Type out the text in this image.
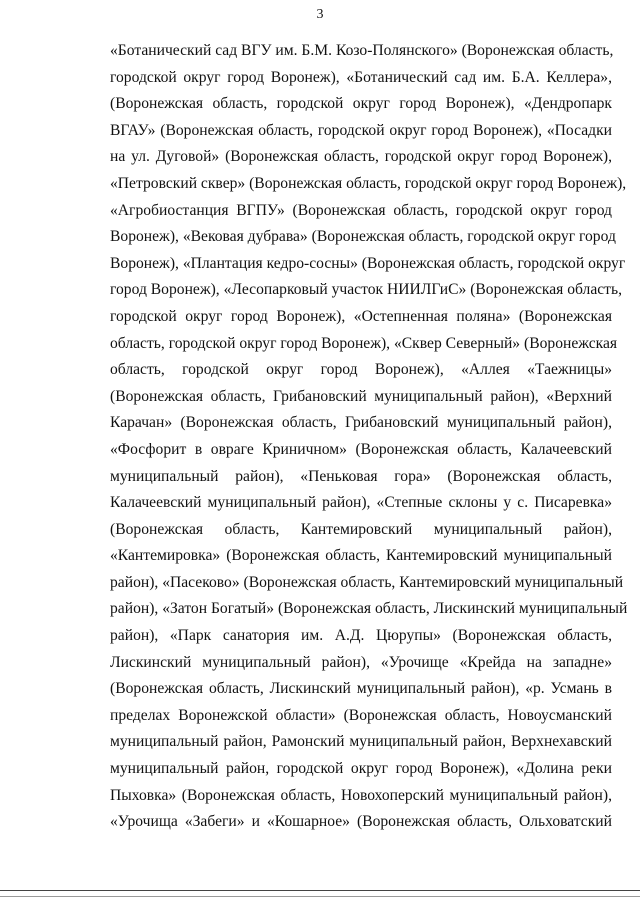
3
«Ботанический сад ВГУ им. Б.М. Козо-Полянского» (Воронежская область,
городской округ город Воронеж), «Ботанический сад им. Б.А. Келлера»,
(Воронежская область, городской округ город Воронеж), «Дендропарк
ВГАУ» (Воронежская область, городской округ город Воронеж), «Посадки
на ул. Дуговой» (Воронежская область, городской округ город Воронеж),
«Петровский сквер» (Воронежская область, городской округ город Воронеж),
«Агробиостанция ВГПУ» (Воронежская область, городской округ город
Воронеж), «Вековая дубрава» (Воронежская область, городской округ город
Воронеж), «Плантация кедро-сосны» (Воронежская область, городской округ
город Воронеж), «Лесопарковый участок НИИЛГиС» (Воронежская область,
городской округ город Воронеж), «Остепненная поляна» (Воронежская
область, городской округ город Воронеж), «Сквер Северный» (Воронежская
область, городской округ город Воронеж), «Аллея «Таежницы»
(Воронежская область, Грибановский муниципальный район), «Верхний
Карачан» (Воронежская область, Грибановский муниципальный район),
«Фосфорит в овраге Криничном» (Воронежская область, Калачеевский
муниципальный район), «Пеньковая гора» (Воронежская область,
Калачеевский муниципальный район), «Степные склоны у с. Писаревка»
(Воронежская область, Кантемировский муниципальный район),
«Кантемировка» (Воронежская область, Кантемировский муниципальный
район), «Пасеково» (Воронежская область, Кантемировский муниципальный
район), «Затон Богатый» (Воронежская область, Лискинский муниципальный
район), «Парк санатория им. А.Д. Цюрупы» (Воронежская область,
Лискинский муниципальный район), «Урочище «Крейда на западне»
(Воронежская область, Лискинский муниципальный район), «р. Усмань в
пределах Воронежской области» (Воронежская область, Новоусманский
муниципальный район, Рамонский муниципальный район, Верхнехавский
муниципальный район, городской округ город Воронеж), «Долина реки
Пыховка» (Воронежская область, Новохоперский муниципальный район),
«Урочища «Забеги» и «Кошарное» (Воронежская область, Ольховатский
